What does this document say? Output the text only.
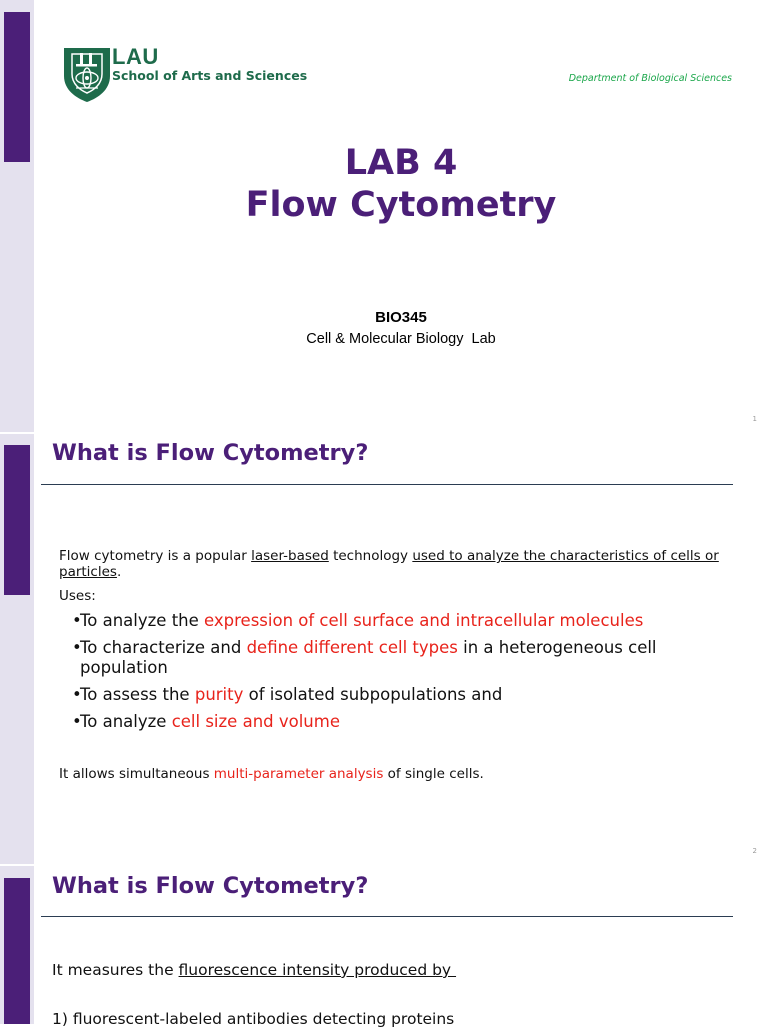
LAU
School of Arts and Sciences	Department of Biological Sciences
LAB 4
Flow Cytometry
BIO345
Cell & Molecular Biology  Lab
1
2
What is Flow Cytometry?
Flow cytometry is a popular laser-based technology used to analyze the characteristics of cells or particles.
Uses:
•
To analyze the expression of cell surface and intracellular molecules
•
To characterize and define different cell types in a heterogeneous cell population
•
To assess the purity of isolated subpopulations and
•
To analyze cell size and volume
It allows simultaneous multi-parameter analysis of single cells.
What is Flow Cytometry?
It measures the fluorescence intensity produced by
1) fluorescent-labeled antibodies detecting proteins
